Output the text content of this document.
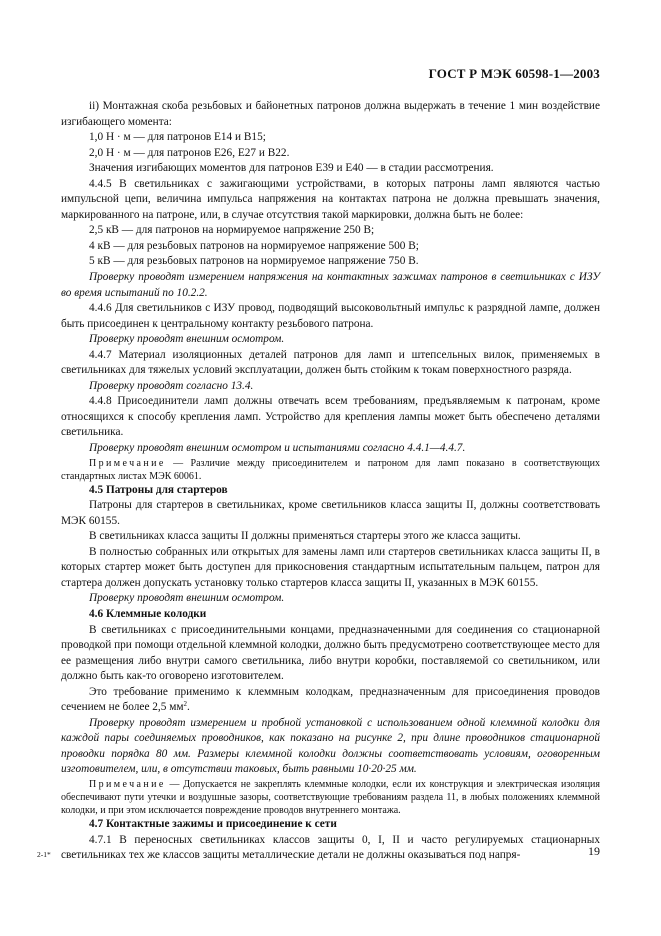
ГОСТ Р МЭК 60598-1—2003

ii) Монтажная скоба резьбовых и байонетных патронов должна выдержать в течение 1 мин воздействие изгибающего момента:

1,0 Н · м — для патронов E14 и B15;

2,0 Н · м — для патронов E26, E27 и B22.

Значения изгибающих моментов для патронов E39 и E40 — в стадии рассмотрения.

4.4.5 В светильниках с зажигающими устройствами, в которых патроны ламп являются частью импульсной цепи, величина импульса напряжения на контактах патрона не должна превышать значения, маркированного на патроне, или, в случае отсутствия такой маркировки, должна быть не более:

2,5 кВ — для патронов на нормируемое напряжение 250 В;

4 кВ — для резьбовых патронов на нормируемое напряжение 500 В;

5 кВ — для резьбовых патронов на нормируемое напряжение 750 В.

Проверку проводят измерением напряжения на контактных зажимах патронов в светильниках с ИЗУ во время испытаний по 10.2.2.

4.4.6 Для светильников с ИЗУ провод, подводящий высоковольтный импульс к разрядной лампе, должен быть присоединен к центральному контакту резьбового патрона.

Проверку проводят внешним осмотром.

4.4.7 Материал изоляционных деталей патронов для ламп и штепсельных вилок, применяемых в светильниках для тяжелых условий эксплуатации, должен быть стойким к токам поверхностного разряда.

Проверку проводят согласно 13.4.

4.4.8 Присоединители ламп должны отвечать всем требованиям, предъявляемым к патронам, кроме относящихся к способу крепления ламп. Устройство для крепления лампы может быть обеспечено деталями светильника.

Проверку проводят внешним осмотром и испытаниями согласно 4.4.1—4.4.7.

Примечание — Различие между присоединителем и патроном для ламп показано в соответствующих стандартных листах МЭК 60061.

4.5 Патроны для стартеров

Патроны для стартеров в светильниках, кроме светильников класса защиты II, должны соответствовать МЭК 60155.

В светильниках класса защиты II должны применяться стартеры этого же класса защиты.

В полностью собранных или открытых для замены ламп или стартеров светильниках класса защиты II, в которых стартер может быть доступен для прикосновения стандартным испытательным пальцем, патрон для стартера должен допускать установку только стартеров класса защиты II, указанных в МЭК 60155.

Проверку проводят внешним осмотром.

4.6 Клеммные колодки

В светильниках с присоединительными концами, предназначенными для соединения со стационарной проводкой при помощи отдельной клеммной колодки, должно быть предусмотрено соответствующее место для ее размещения либо внутри самого светильника, либо внутри коробки, поставляемой со светильником, или должно быть как-то оговорено изготовителем.

Это требование применимо к клеммным колодкам, предназначенным для присоединения проводов сечением не более 2,5 $мм^2$.

Проверку проводят измерением и пробной установкой с использованием одной клеммной колодки для каждой пары соединяемых проводников, как показано на рисунке 2, при длине проводников стационарной проводки порядка 80 мм. Размеры клеммной колодки должны соответствовать условиям, оговоренным изготовителем, или, в отсутствии таковых, быть равными 10·20·25 мм.

Примечание — Допускается не закреплять клеммные колодки, если их конструкция и электрическая изоляция обеспечивают пути утечки и воздушные зазоры, соответствующие требованиям раздела 11, в любых положениях клеммной колодки, и при этом исключается повреждение проводов внутреннего монтажа.

4.7 Контактные зажимы и присоединение к сети

4.7.1 В переносных светильниках классов защиты 0, I, II и часто регулируемых стационарных светильниках тех же классов защиты металлические детали не должны оказываться под напря-

2-1*	19
